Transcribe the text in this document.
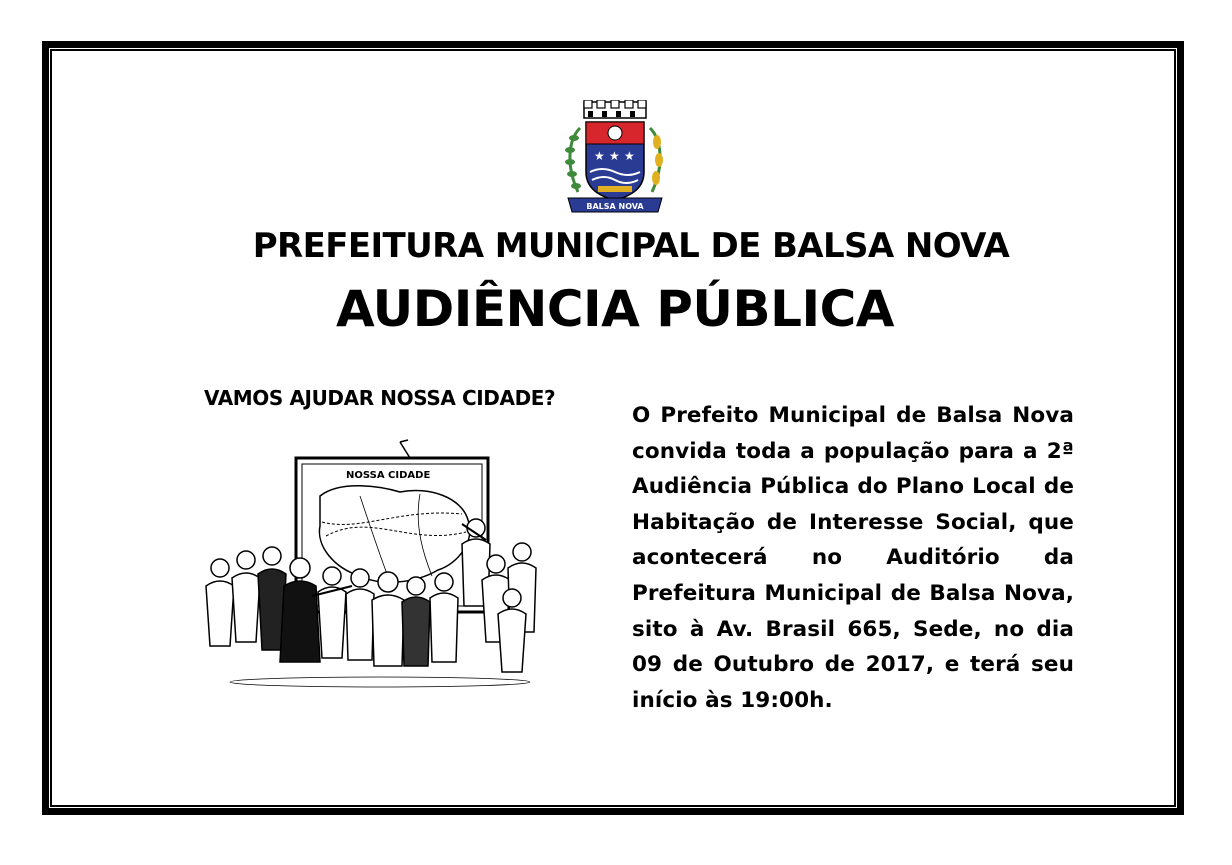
★ ★ ★
BALSA NOVA
PREFEITURA MUNICIPAL DE BALSA NOVA
AUDIÊNCIA PÚBLICA
VAMOS AJUDAR NOSSA CIDADE?
NOSSA CIDADE
O Prefeito Municipal de Balsa Nova convida toda a população para a 2ª Audiência Pública do Plano Local de Habitação de Interesse Social, que acontecerá no Auditório da Prefeitura Municipal de Balsa Nova, sito à Av. Brasil 665, Sede, no dia 09 de Outubro de 2017, e terá seu início às 19:00h.
